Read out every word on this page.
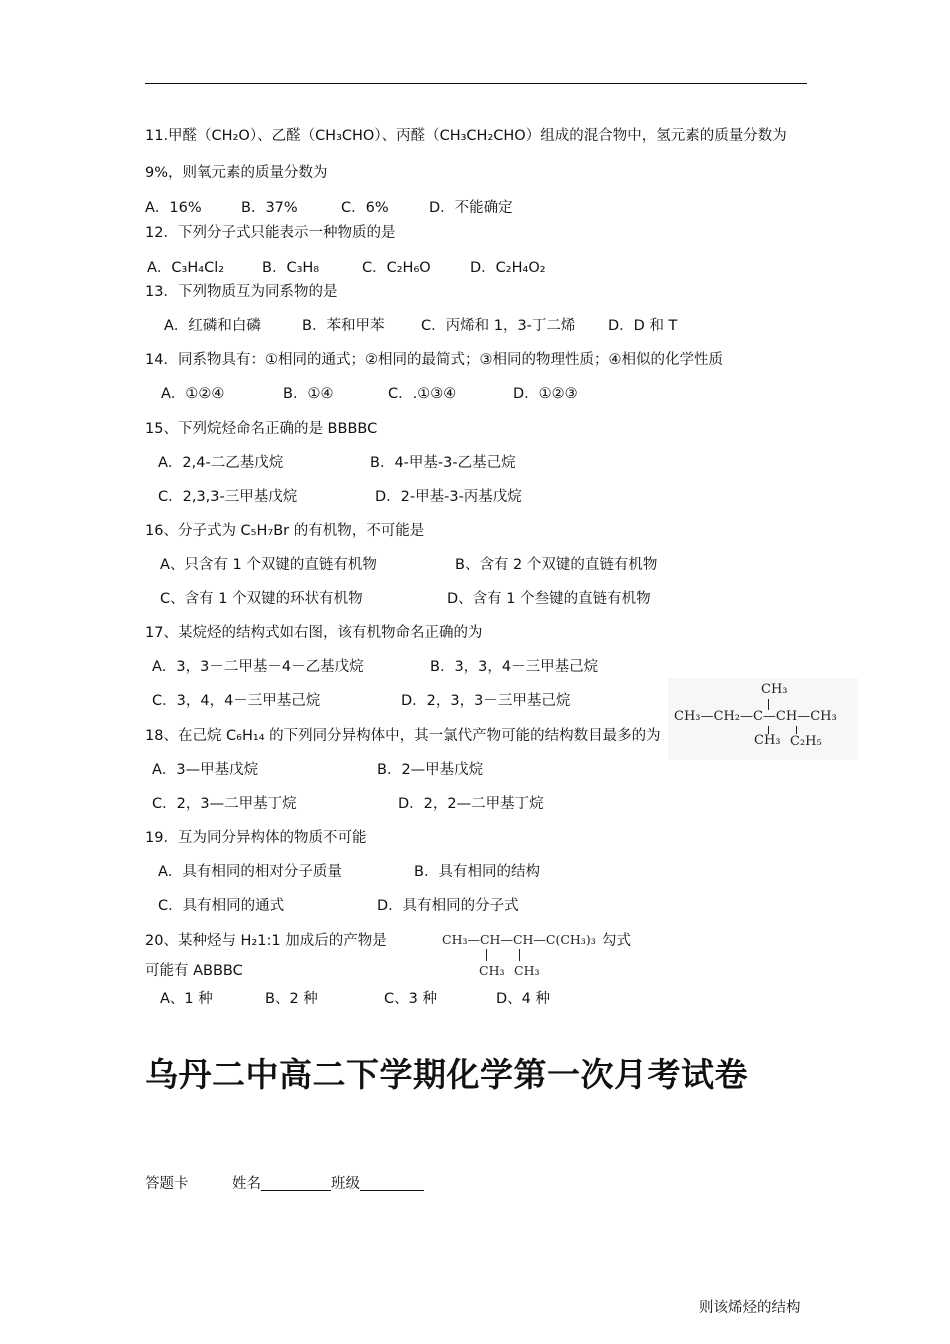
11.甲醛（CH₂O）、乙醛（CH₃CHO）、丙醛（CH₃CH₂CHO）组成的混合物中，氢元素的质量分数为
9%，则氧元素的质量分数为
A．16%	B．37%	C．6%	D．不能确定
12．下列分子式只能表示一种物质的是
A．C₃H₄Cl₂	B．C₃H₈	C．C₂H₆O	D．C₂H₄O₂
13．下列物质互为同系物的是
A．红磷和白磷	B．苯和甲苯	C．丙烯和 1，3-丁二烯 D．D 和 T
14．同系物具有：①相同的通式；②相同的最简式；③相同的物理性质；④相似的化学性质
A．①②④	B．①④	C．.①③④	D．①②③
15、下列烷烃命名正确的是 BBBBC
A．2,4-二乙基戊烷	B．4-甲基-3-乙基己烷
C．2,3,3-三甲基戊烷	D．2-甲基-3-丙基戊烷
16、分子式为 C₅H₇Br 的有机物，不可能是
A、只含有 1 个双键的直链有机物	B、含有 2 个双键的直链有机物
C、含有 1 个双键的环状有机物	D、含有 1 个叁键的直链有机物
17、某烷烃的结构式如右图，该有机物命名正确的为
A．3，3－二甲基－4－乙基戊烷	B．3，3，4－三甲基己烷
C．3，4，4－三甲基己烷	D．2，3，3－三甲基己烷
CH₃
CH₃—CH₂—C—CH—CH₃
CH₃ C₂H₅
18、在己烷 C₆H₁₄ 的下列同分异构体中，其一氯代产物可能的结构数目最多的为
A．3—甲基戊烷	B．2—甲基戊烷
C．2，3—二甲基丁烷	D．2，2—二甲基丁烷
19．互为同分异构体的物质不可能
A．具有相同的相对分子质量	B．具有相同的结构
C．具有相同的通式	D．具有相同的分子式
20、某种烃与 H₂1:1 加成后的产物是	CH₃—CH—CH—C(CH₃)₃ 勾式
CH₃ CH₃
可能有 ABBBC
A、1 种	B、2 种	C、3 种	D、4 种
乌丹二中高二下学期化学第一次月考试卷
答题卡	姓名	班级
则该烯烃的结构
